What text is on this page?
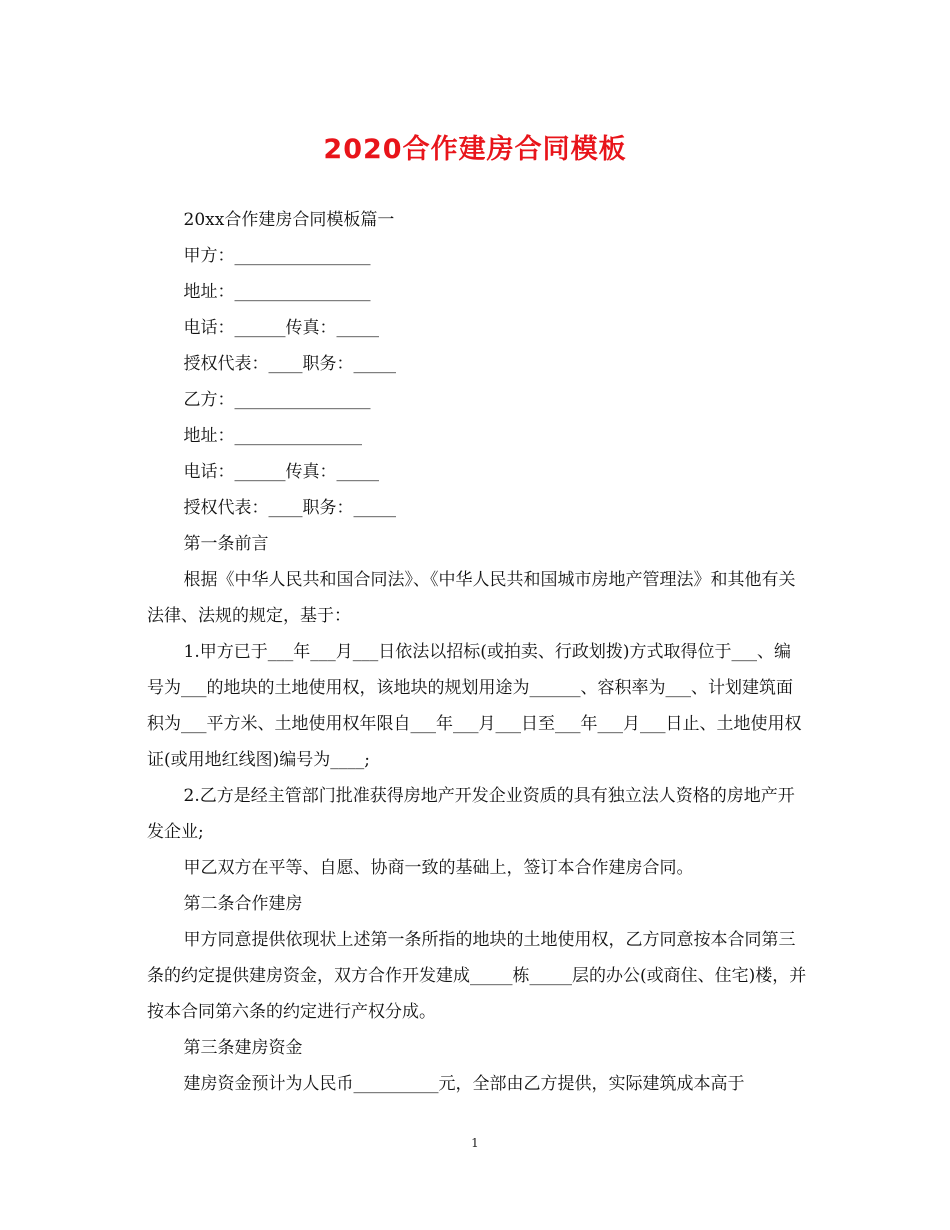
2020合作建房合同模板

20xx合作建房合同模板篇一

甲方：________________

地址：________________

电话：______传真：_____

授权代表：____职务：_____

乙方：________________

地址：_______________

电话：______传真：_____

授权代表：____职务：_____

第一条前言

根据《中华人民共和国合同法》、《中华人民共和国城市房地产管理法》和其他有关法律、法规的规定，基于：

1.甲方已于___年___月___日依法以招标(或拍卖、行政划拨)方式取得位于___、编号为___的地块的土地使用权，该地块的规划用途为______、容积率为___、计划建筑面积为___平方米、土地使用权年限自___年___月___日至___年___月___日止、土地使用权证(或用地红线图)编号为____;

2.乙方是经主管部门批准获得房地产开发企业资质的具有独立法人资格的房地产开发企业;

甲乙双方在平等、自愿、协商一致的基础上，签订本合作建房合同。

第二条合作建房

甲方同意提供依现状上述第一条所指的地块的土地使用权，乙方同意按本合同第三条的约定提供建房资金，双方合作开发建成_____栋_____层的办公(或商住、住宅)楼，并按本合同第六条的约定进行产权分成。

第三条建房资金

建房资金预计为人民币__________元，全部由乙方提供，实际建筑成本高于

1
